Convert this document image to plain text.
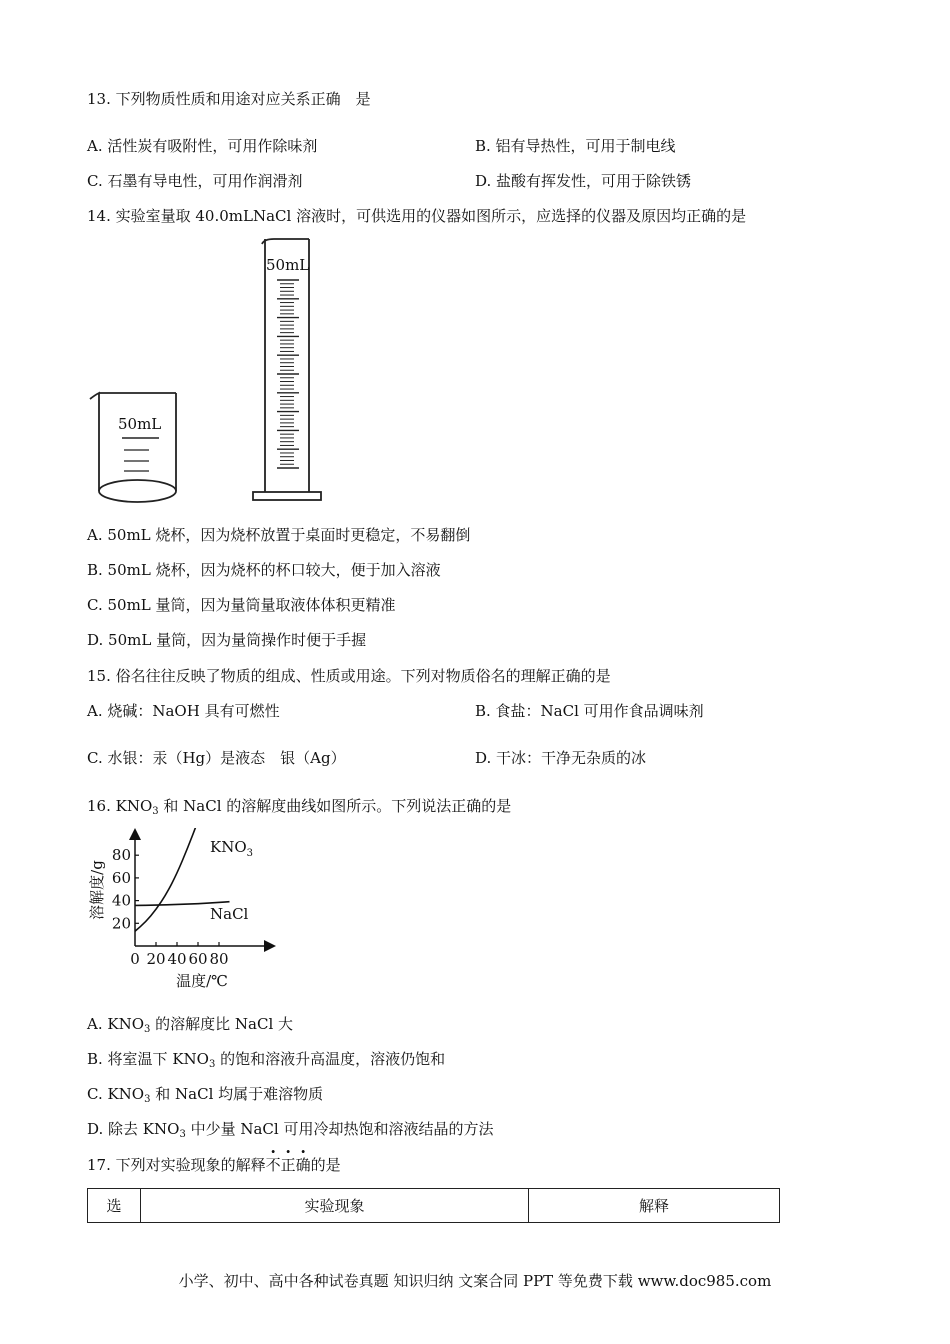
13. 下列物质性质和用途对应关系正确　是
A. 活性炭有吸附性，可用作除味剂	B. 铝有导热性，可用于制电线
C. 石墨有导电性，可用作润滑剂	D. 盐酸有挥发性，可用于除铁锈
14. 实验室量取 40.0mLNaCl 溶液时，可供选用的仪器如图所示，应选择的仪器及原因均正确的是
50mL
50mL
A. 50mL 烧杯，因为烧杯放置于桌面时更稳定，不易翻倒
B. 50mL 烧杯，因为烧杯的杯口较大，便于加入溶液
C. 50mL 量筒，因为量筒量取液体体积更精准
D. 50mL 量筒，因为量筒操作时便于手握
15. 俗名往往反映了物质的组成、性质或用途。下列对物质俗名的理解正确的是
A. 烧碱：NaOH 具有可燃性	B. 食盐：NaCl 可用作食品调味剂
C. 水银：汞（Hg）是液态　银（Ag）	D. 干冰：干净无杂质的冰
16. $KNO_3$ 和 NaCl 的溶解度曲线如图所示。下列说法正确的是
0 20 40 60 80
20
40
60
80	$KNO_3$
NaCl
溶解度/g
温度/℃
A. $KNO_3$ 的溶解度比 NaCl 大
B. 将室温下 $KNO_3$ 的饱和溶液升高温度，溶液仍饱和
C. $KNO_3$ 和 NaCl 均属于难溶物质
D. 除去 $KNO_3$ 中少量 NaCl 可用冷却热饱和溶液结晶的方法
17. 下列对实验现象的解释不正确的是
选	实验现象	解释
小学、初中、高中各种试卷真题 知识归纳 文案合同 PPT 等免费下载 www.doc985.com
